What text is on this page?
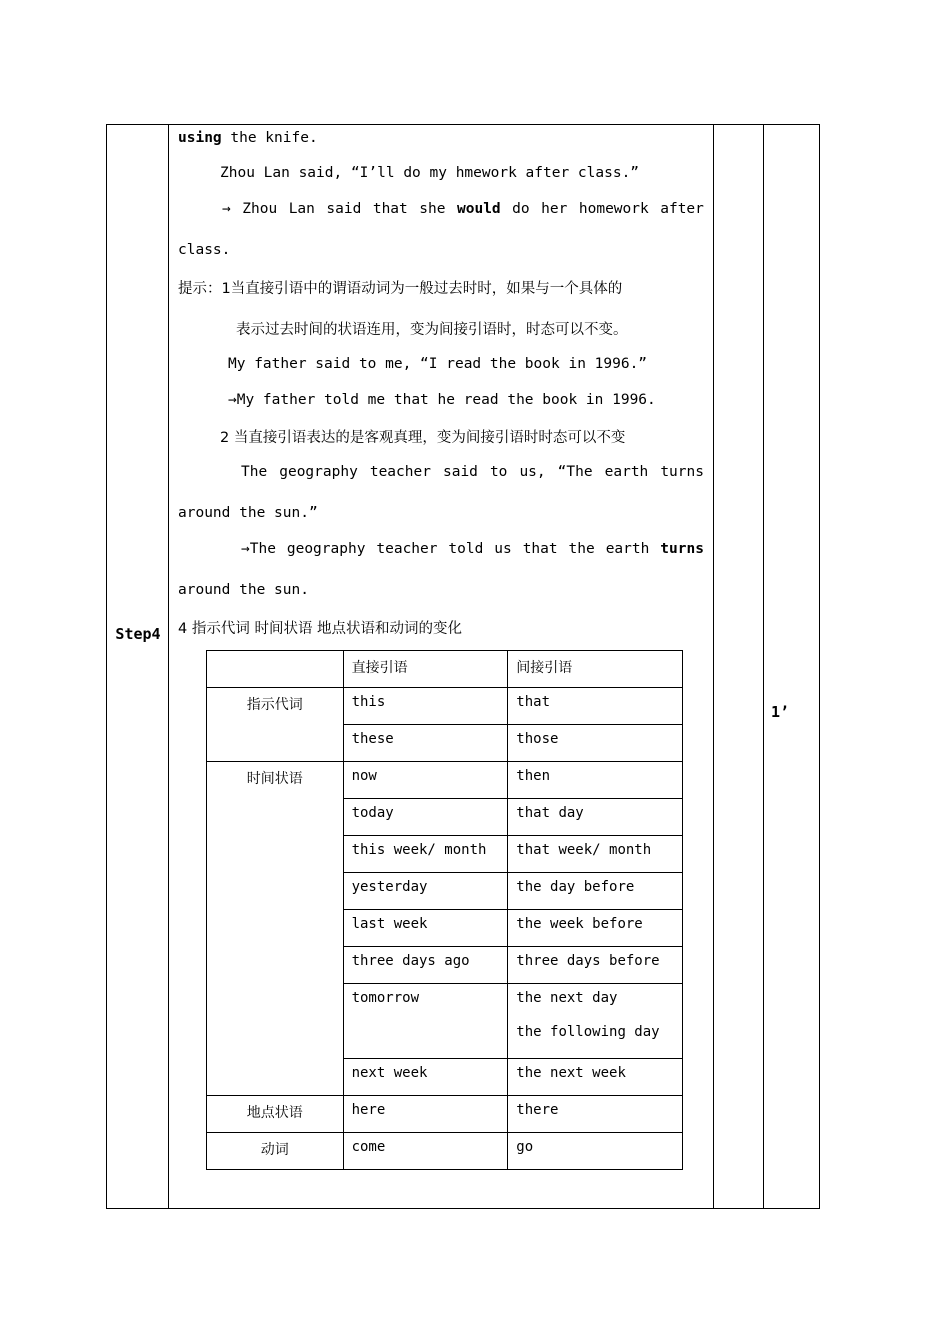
Step4
1’
using the knife.
Zhou Lan said, “I’ll do my hmework after class.”
→ Zhou Lan said that she would do her homework after
class.
提示：1当直接引语中的谓语动词为一般过去时时，如果与一个具体的
表示过去时间的状语连用，变为间接引语时，时态可以不变。
My father said to me, “I read the book in 1996.”
→My father told me that he read the book in 1996.
2 当直接引语表达的是客观真理，变为间接引语时时态可以不变
The geography teacher said to us, “The earth turns
around the sun.”
→The geography teacher told us that the earth turns
around the sun.
4 指示代词 时间状语 地点状语和动词的变化
	直接引语	间接引语
指示代词	this	that

	these	those

时间状语	now	then

	today	that day

	this week/ month	that week/ month

	yesterday	the day before

	last week	the week before

	three days ago	three days before

	tomorrow	the next day
the following day

	next week	the next week

地点状语	here	there

动词	come	go
